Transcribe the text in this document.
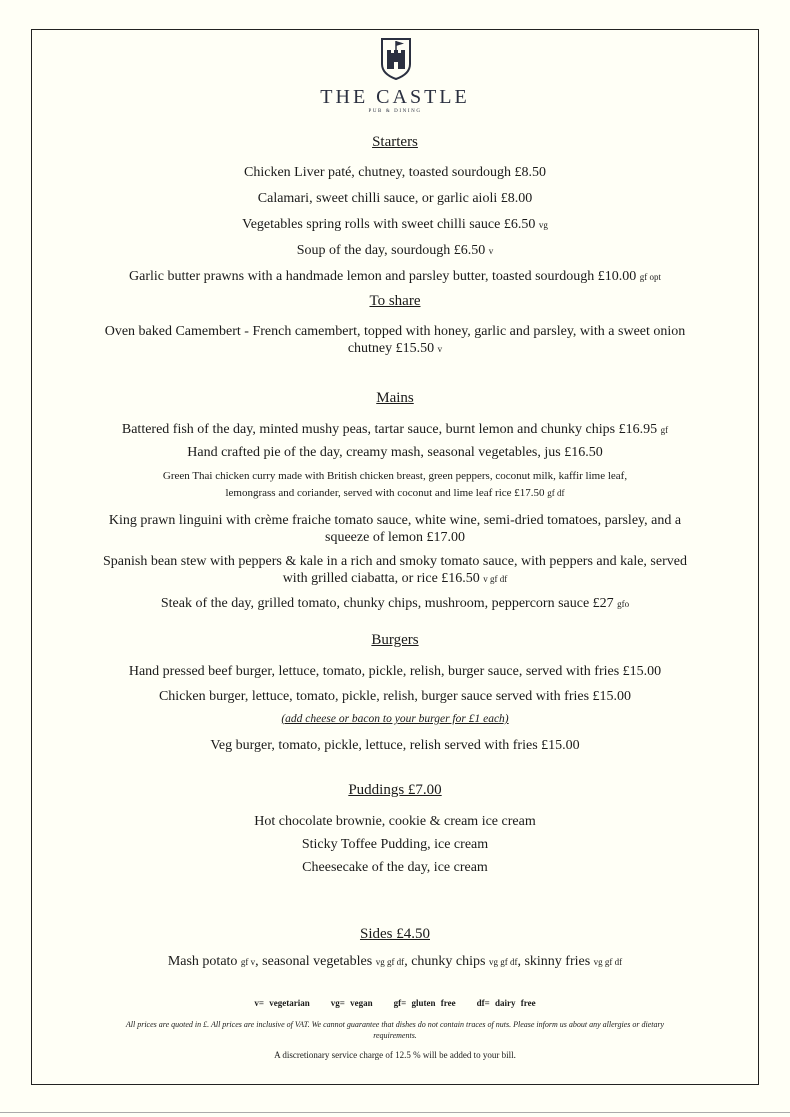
THE CASTLE
PUB & DINING
Starters
Chicken Liver paté, chutney, toasted sourdough £8.50
Calamari, sweet chilli sauce, or garlic aioli £8.00
Vegetables spring rolls with sweet chilli sauce £6.50 vg
Soup of the day, sourdough £6.50 v
Garlic butter prawns with a handmade lemon and parsley butter, toasted sourdough £10.00 gf opt
To share
Oven baked Camembert - French camembert, topped with honey, garlic and parsley, with a sweet onion
chutney £15.50 v
Mains
Battered fish of the day, minted mushy peas, tartar sauce, burnt lemon and chunky chips £16.95 gf
Hand crafted pie of the day, creamy mash, seasonal vegetables, jus £16.50
Green Thai chicken curry made with British chicken breast, green peppers, coconut milk, kaffir lime leaf,
lemongrass and coriander, served with coconut and lime leaf rice £17.50 gf df
King prawn linguini with crème fraiche tomato sauce, white wine, semi-dried tomatoes, parsley, and a
squeeze of lemon £17.00
Spanish bean stew with peppers & kale in a rich and smoky tomato sauce, with peppers and kale, served
with grilled ciabatta, or rice £16.50 v gf df
Steak of the day, grilled tomato, chunky chips, mushroom, peppercorn sauce £27 gfo
Burgers
Hand pressed beef burger, lettuce, tomato, pickle, relish, burger sauce, served with fries £15.00
Chicken burger, lettuce, tomato, pickle, relish, burger sauce served with fries £15.00
(add cheese or bacon to your burger for £1 each)
Veg burger, tomato, pickle, lettuce, relish served with fries £15.00
Puddings £7.00
Hot chocolate brownie, cookie & cream ice cream
Sticky Toffee Pudding, ice cream
Cheesecake of the day, ice cream
Sides £4.50
Mash potato gf v, seasonal vegetables vg gf df, chunky chips vg gf df, skinny fries vg gf df
v= vegetarian    vg= vegan    gf= gluten free    df= dairy free
All prices are quoted in £. All prices are inclusive of VAT. We cannot guarantee that dishes do not contain traces of nuts. Please inform us about any allergies or dietary
requirements.
A discretionary service charge of 12.5 % will be added to your bill.
